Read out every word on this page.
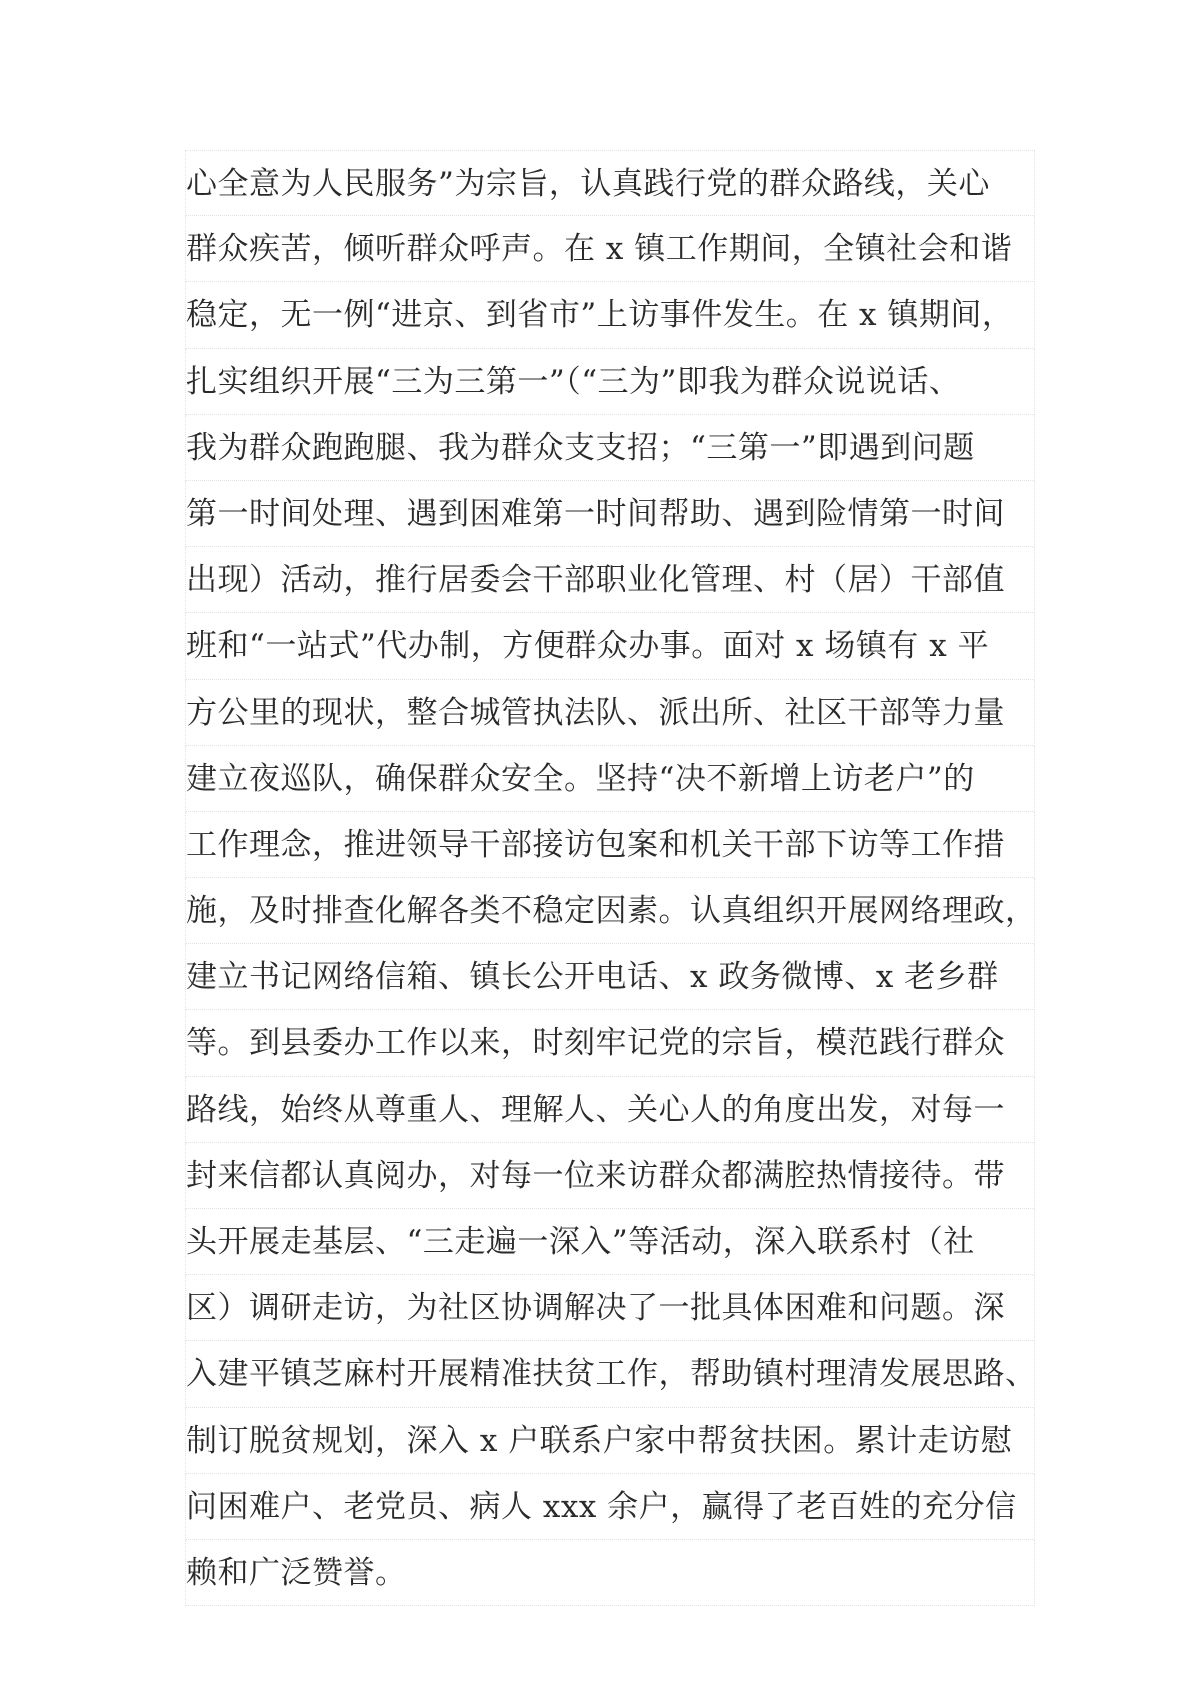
心全意为人民服务”为宗旨，认真践行党的群众路线，关心
群众疾苦，倾听群众呼声。在 x 镇工作期间，全镇社会和谐
稳定，无一例“进京、到省市”上访事件发生。在 x 镇期间，
扎实组织开展“三为三第一”（“三为”即我为群众说说话、
我为群众跑跑腿、我为群众支支招；“三第一”即遇到问题
第一时间处理、遇到困难第一时间帮助、遇到险情第一时间
出现）活动，推行居委会干部职业化管理、村（居）干部值
班和“一站式”代办制，方便群众办事。面对 x 场镇有 x 平
方公里的现状，整合城管执法队、派出所、社区干部等力量
建立夜巡队，确保群众安全。坚持“决不新增上访老户”的
工作理念，推进领导干部接访包案和机关干部下访等工作措
施，及时排查化解各类不稳定因素。认真组织开展网络理政，
建立书记网络信箱、镇长公开电话、x 政务微博、x 老乡群
等。到县委办工作以来，时刻牢记党的宗旨，模范践行群众
路线，始终从尊重人、理解人、关心人的角度出发，对每一
封来信都认真阅办，对每一位来访群众都满腔热情接待。带
头开展走基层、“三走遍一深入”等活动，深入联系村（社
区）调研走访，为社区协调解决了一批具体困难和问题。深
入建平镇芝麻村开展精准扶贫工作，帮助镇村理清发展思路、
制订脱贫规划，深入 x 户联系户家中帮贫扶困。累计走访慰
问困难户、老党员、病人 xxx 余户，赢得了老百姓的充分信
赖和广泛赞誉。
